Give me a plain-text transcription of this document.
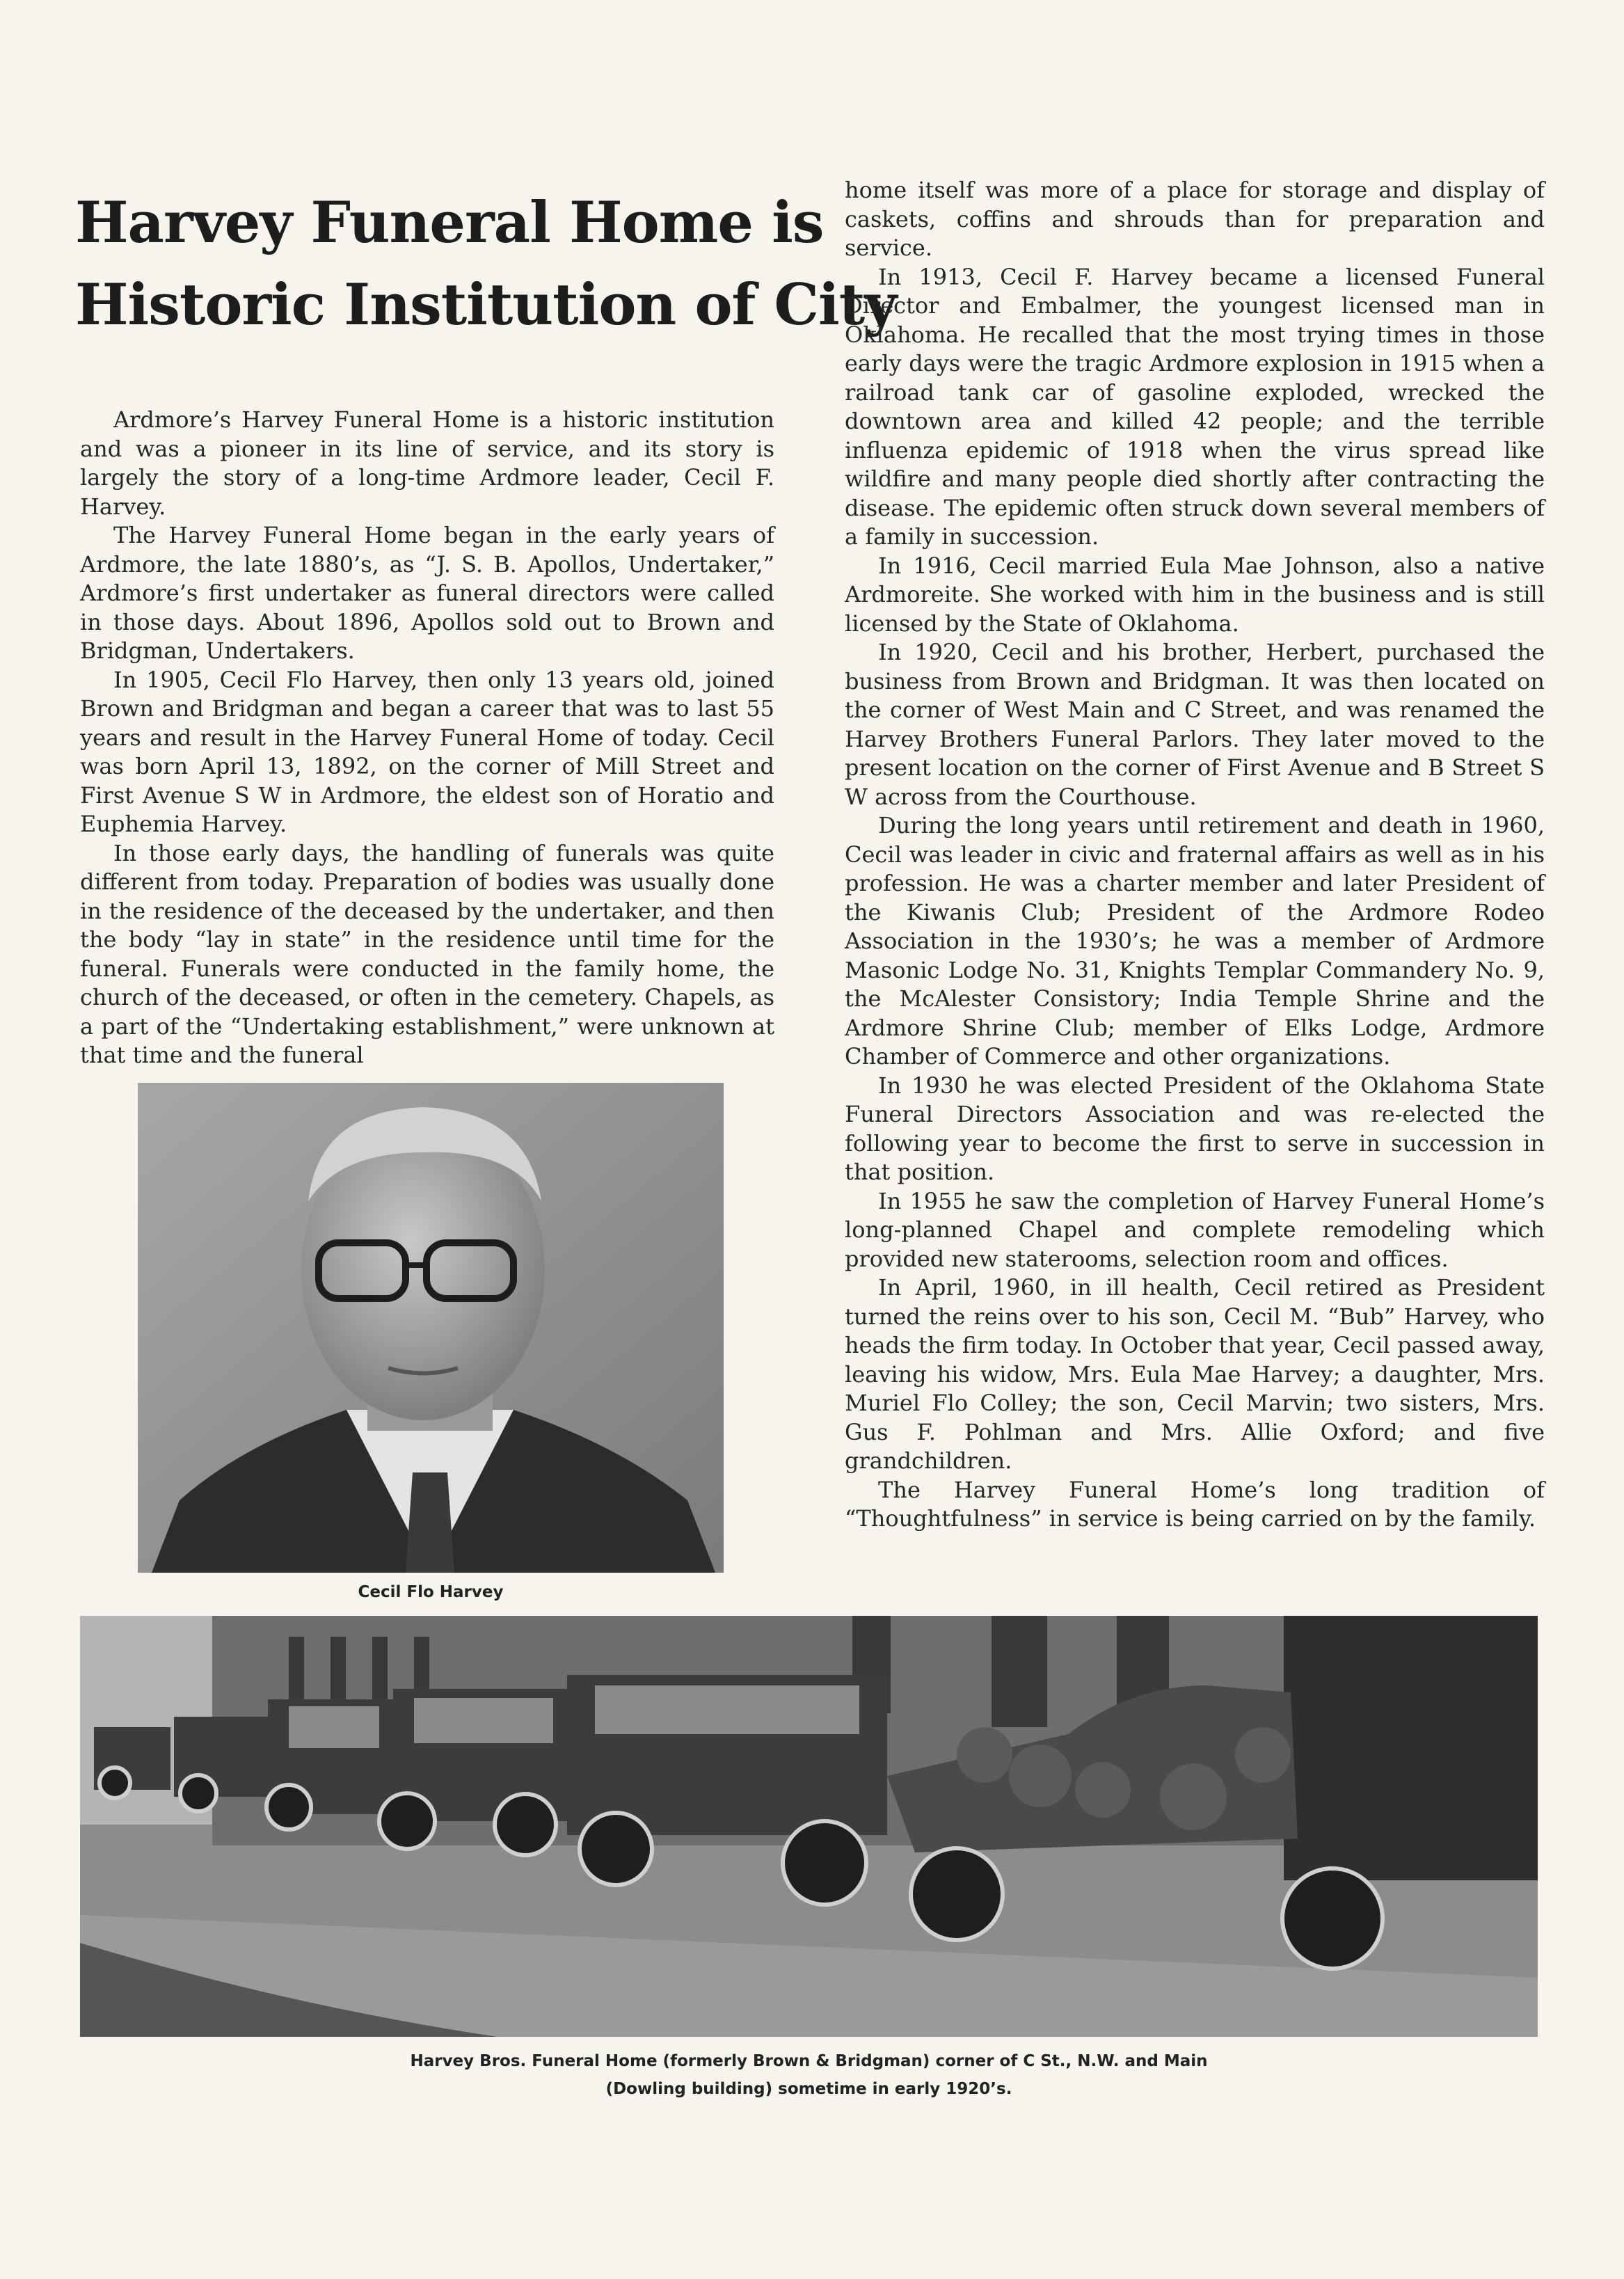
Harvey Funeral Home is
Historic Institution of City

Ardmore’s Harvey Funeral Home is a historic institution and was a pioneer in its line of service, and its story is largely the story of a long-time Ardmore leader, Cecil F. Harvey.

The Harvey Funeral Home began in the early years of Ardmore, the late 1880’s, as “J. S. B. Apollos, Undertaker,” Ardmore’s first undertaker as funeral directors were called in those days. About 1896, Apollos sold out to Brown and Bridgman, Undertakers.

In 1905, Cecil Flo Harvey, then only 13 years old, joined Brown and Bridgman and began a career that was to last 55 years and result in the Harvey Funeral Home of today. Cecil was born April 13, 1892, on the corner of Mill Street and First Avenue S W in Ardmore, the eldest son of Horatio and Euphemia Harvey.

In those early days, the handling of funerals was quite different from today. Preparation of bodies was usually done in the residence of the deceased by the undertaker, and then the body “lay in state” in the residence until time for the funeral. Funerals were conducted in the family home, the church of the deceased, or often in the cemetery. Chapels, as a part of the “Undertaking establishment,” were unknown at that time and the funeral

Cecil Flo Harvey

home itself was more of a place for storage and display of caskets, coffins and shrouds than for preparation and service.

In 1913, Cecil F. Harvey became a licensed Funeral Director and Embalmer, the youngest licensed man in Oklahoma. He recalled that the most trying times in those early days were the tragic Ardmore explosion in 1915 when a railroad tank car of gasoline exploded, wrecked the downtown area and killed 42 people; and the terrible influenza epidemic of 1918 when the virus spread like wildfire and many people died shortly after contracting the disease. The epidemic often struck down several members of a family in succession.

In 1916, Cecil married Eula Mae Johnson, also a native Ardmoreite. She worked with him in the business and is still licensed by the State of Oklahoma.

In 1920, Cecil and his brother, Herbert, purchased the business from Brown and Bridgman. It was then located on the corner of West Main and C Street, and was renamed the Harvey Brothers Funeral Parlors. They later moved to the present location on the corner of First Avenue and B Street S W across from the Courthouse.

During the long years until retirement and death in 1960, Cecil was leader in civic and fraternal affairs as well as in his profession. He was a charter member and later President of the Kiwanis Club; President of the Ardmore Rodeo Association in the 1930’s; he was a member of Ardmore Masonic Lodge No. 31, Knights Templar Commandery No. 9, the McAlester Consistory; India Temple Shrine and the Ardmore Shrine Club; member of Elks Lodge, Ardmore Chamber of Commerce and other organizations.

In 1930 he was elected President of the Oklahoma State Funeral Directors Association and was re-elected the following year to become the first to serve in succession in that position.

In 1955 he saw the completion of Harvey Funeral Home’s long-planned Chapel and complete remodeling which provided new staterooms, selection room and offices.

In April, 1960, in ill health, Cecil retired as President turned the reins over to his son, Cecil M. “Bub” Harvey, who heads the firm today. In October that year, Cecil passed away, leaving his widow, Mrs. Eula Mae Harvey; a daughter, Mrs. Muriel Flo Colley; the son, Cecil Marvin; two sisters, Mrs. Gus F. Pohlman and Mrs. Allie Oxford; and five grandchildren.

The Harvey Funeral Home’s long tradition of “Thoughtfulness” in service is being carried on by the family.

Harvey Bros. Funeral Home (formerly Brown & Bridgman) corner of C St., N.W. and Main
(Dowling building) sometime in early 1920’s.
